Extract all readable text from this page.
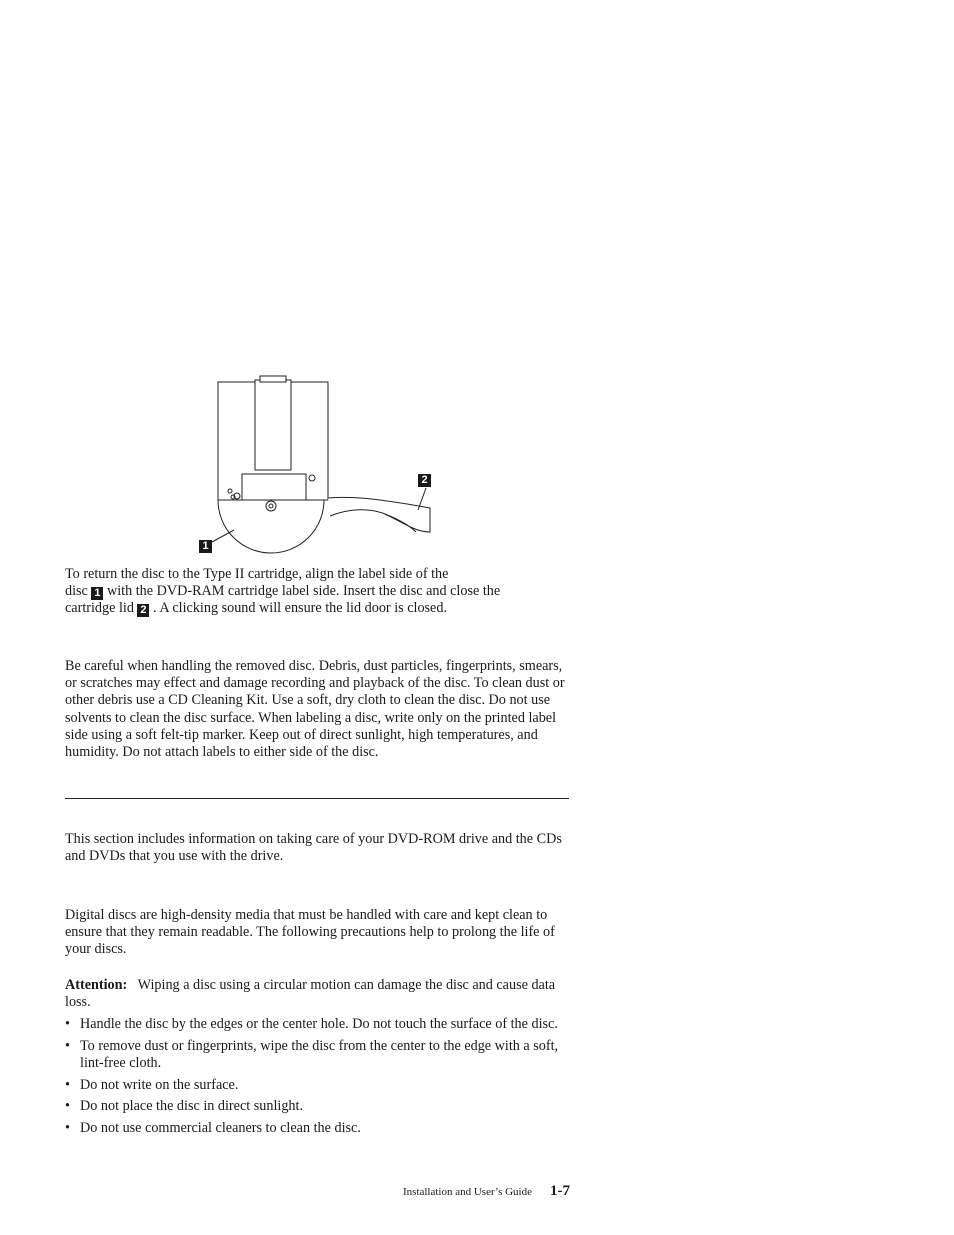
2
1
To return the disc to the Type II cartridge, align the label side of the
disc 1 with the DVD-RAM cartridge label side. Insert the disc and close the
cartridge lid 2 . A clicking sound will ensure the lid door is closed.

Be careful when handling the removed disc. Debris, dust particles, fingerprints, smears, or scratches may effect and damage recording and playback of the disc. To clean dust or other debris use a CD Cleaning Kit. Use a soft, dry cloth to clean the disc. Do not use solvents to clean the disc surface. When labeling a disc, write only on the printed label side using a soft felt-tip marker. Keep out of direct sunlight, high temperatures, and humidity. Do not attach labels to either side of the disc.

This section includes information on taking care of your DVD-ROM drive and the CDs and DVDs that you use with the drive.

Digital discs are high-density media that must be handled with care and kept clean to ensure that they remain readable. The following precautions help to prolong the life of your discs.

Attention: Wiping a disc using a circular motion can damage the disc and cause data loss.

• Handle the disc by the edges or the center hole. Do not touch the surface of the disc.
• To remove dust or fingerprints, wipe the disc from the center to the edge with a soft, lint-free cloth.
• Do not write on the surface.
• Do not place the disc in direct sunlight.
• Do not use commercial cleaners to clean the disc.
Installation and User’s Guide 1-7
